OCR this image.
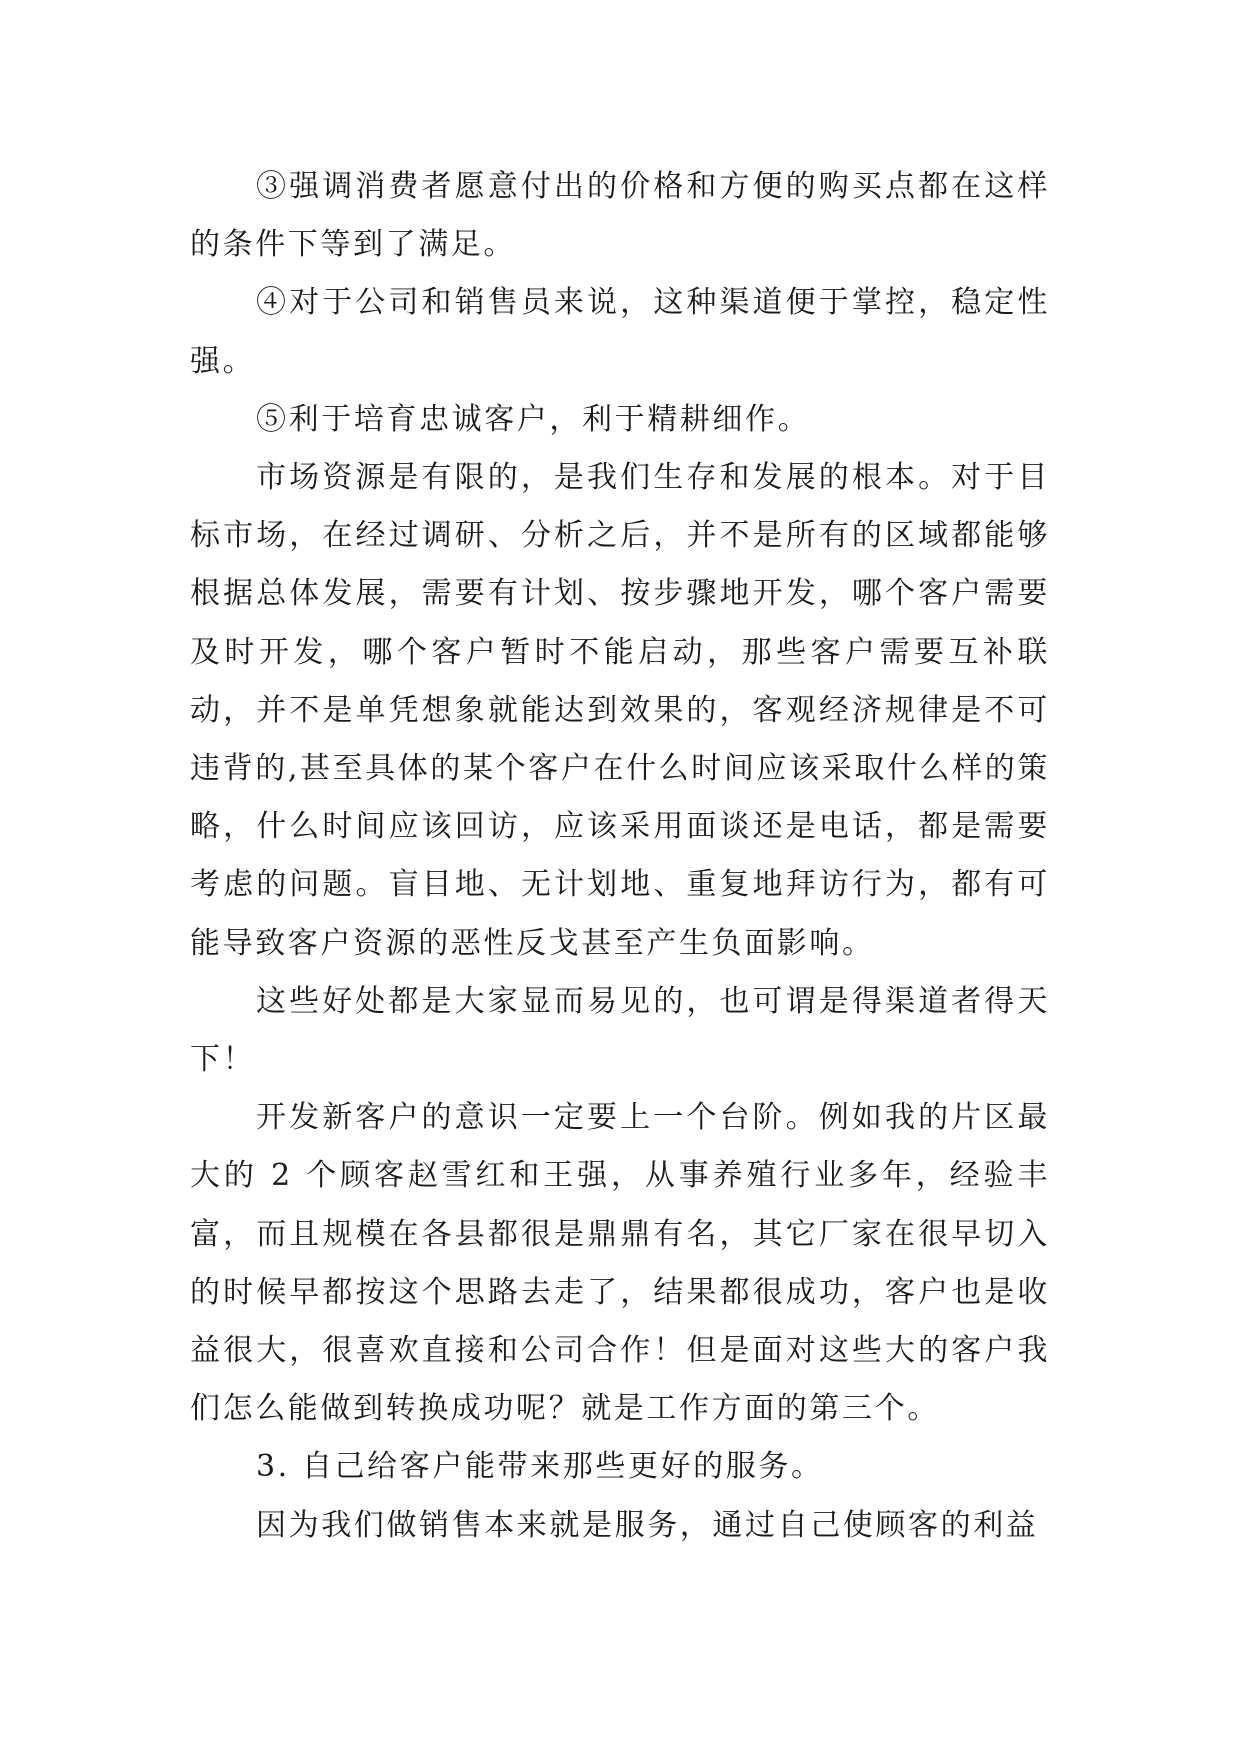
③强调消费者愿意付出的价格和方便的购买点都在这样的条件下等到了满足。

④对于公司和销售员来说，这种渠道便于掌控，稳定性强。

⑤利于培育忠诚客户，利于精耕细作。

市场资源是有限的，是我们生存和发展的根本。对于目标市场，在经过调研、分析之后，并不是所有的区域都能够根据总体发展，需要有计划、按步骤地开发，哪个客户需要及时开发，哪个客户暂时不能启动，那些客户需要互补联动，并不是单凭想象就能达到效果的，客观经济规律是不可违背的,甚至具体的某个客户在什么时间应该采取什么样的策略，什么时间应该回访，应该采用面谈还是电话，都是需要考虑的问题。盲目地、无计划地、重复地拜访行为，都有可能导致客户资源的恶性反戈甚至产生负面影响。

这些好处都是大家显而易见的，也可谓是得渠道者得天下！

开发新客户的意识一定要上一个台阶。例如我的片区最大的 2 个顾客赵雪红和王强，从事养殖行业多年，经验丰富，而且规模在各县都很是鼎鼎有名，其它厂家在很早切入的时候早都按这个思路去走了，结果都很成功，客户也是收益很大，很喜欢直接和公司合作！但是面对这些大的客户我们怎么能做到转换成功呢？就是工作方面的第三个。

3. 自己给客户能带来那些更好的服务。

因为我们做销售本来就是服务，通过自己使顾客的利益
